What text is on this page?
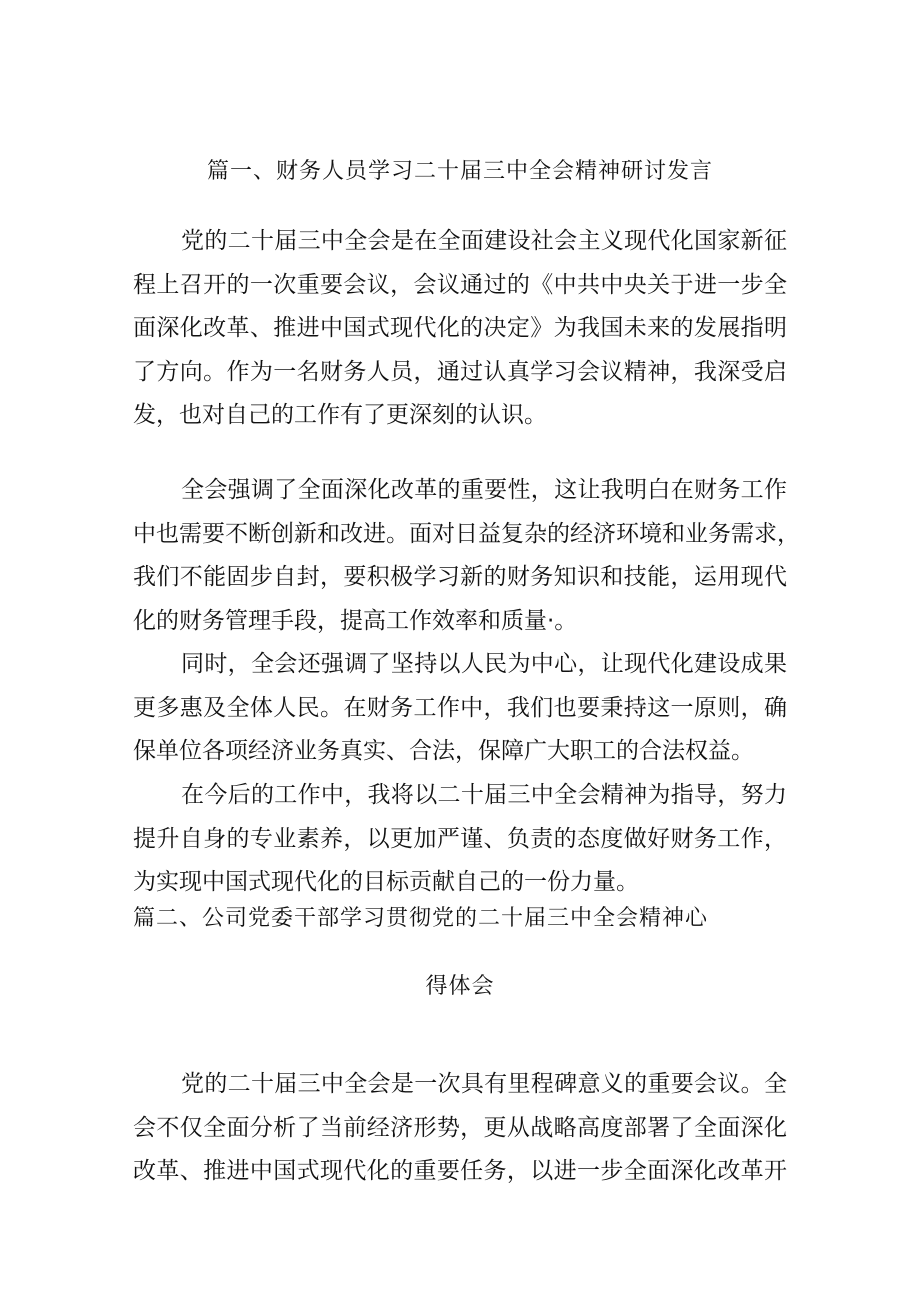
篇一、财务人员学习二十届三中全会精神研讨发言
党的二十届三中全会是在全面建设社会主义现代化国家新征
程上召开的一次重要会议，会议通过的《中共中央关于进一步全
面深化改革、推进中国式现代化的决定》为我国未来的发展指明
了方向。作为一名财务人员，通过认真学习会议精神，我深受启
发，也对自己的工作有了更深刻的认识。
全会强调了全面深化改革的重要性，这让我明白在财务工作
中也需要不断创新和改进。面对日益复杂的经济环境和业务需求，
我们不能固步自封，要积极学习新的财务知识和技能，运用现代
化的财务管理手段，提高工作效率和质量·。
同时，全会还强调了坚持以人民为中心，让现代化建设成果
更多惠及全体人民。在财务工作中，我们也要秉持这一原则，确
保单位各项经济业务真实、合法，保障广大职工的合法权益。
在今后的工作中，我将以二十届三中全会精神为指导，努力
提升自身的专业素养，以更加严谨、负责的态度做好财务工作，
为实现中国式现代化的目标贡献自己的一份力量。
篇二、公司党委干部学习贯彻党的二十届三中全会精神心
得体会
党的二十届三中全会是一次具有里程碑意义的重要会议。全
会不仅全面分析了当前经济形势，更从战略高度部署了全面深化
改革、推进中国式现代化的重要任务，以进一步全面深化改革开
